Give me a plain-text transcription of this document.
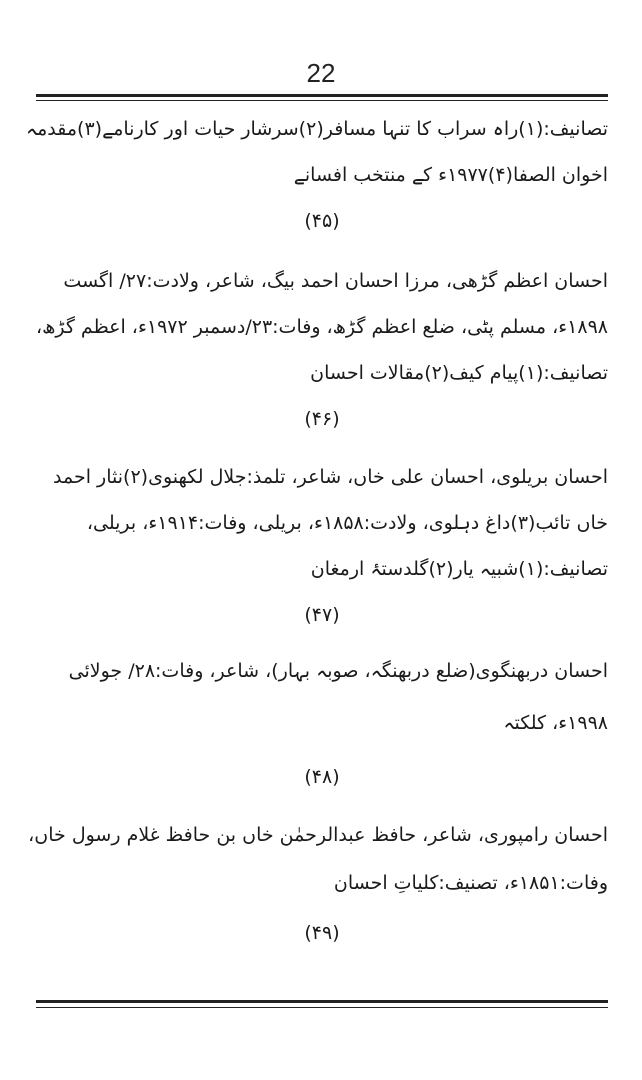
22
تصانیف:(۱)راہ سراب کا تنہا مسافر(۲)سرشار حیات اور کارنامے(۳)مقدمہ
اخوان الصفا(۴)۱۹۷۷ء کے منتخب افسانے
(۴۵)
احسان اعظم گڑھی، مرزا احسان احمد بیگ، شاعر، ولادت:۲۷/ اگست
۱۸۹۸ء، مسلم پٹی، ضلع اعظم گڑھ، وفات:۲۳/دسمبر ۱۹۷۲ء، اعظم گڑھ،
تصانیف:(۱)پیام کیف(۲)مقالات احسان
(۴۶)
احسان بریلوی، احسان علی خاں، شاعر، تلمذ:جلال لکھنوی(۲)نثار احمد
خاں تائب(۳)داغ دہلوی، ولادت:۱۸۵۸ء، بریلی، وفات:۱۹۱۴ء، بریلی،
تصانیف:(۱)شبیہ یار(۲)گلدستۂ ارمغان
(۴۷)
احسان دربھنگوی(ضلع دربھنگہ، صوبہ بہار)، شاعر، وفات:۲۸/ جولائی
۱۹۹۸ء، کلکتہ
(۴۸)
احسان رامپوری، شاعر، حافظ عبدالرحمٰن خاں بن حافظ غلام رسول خاں،
وفات:۱۸۵۱ء، تصنیف:کلیاتِ احسان
(۴۹)
